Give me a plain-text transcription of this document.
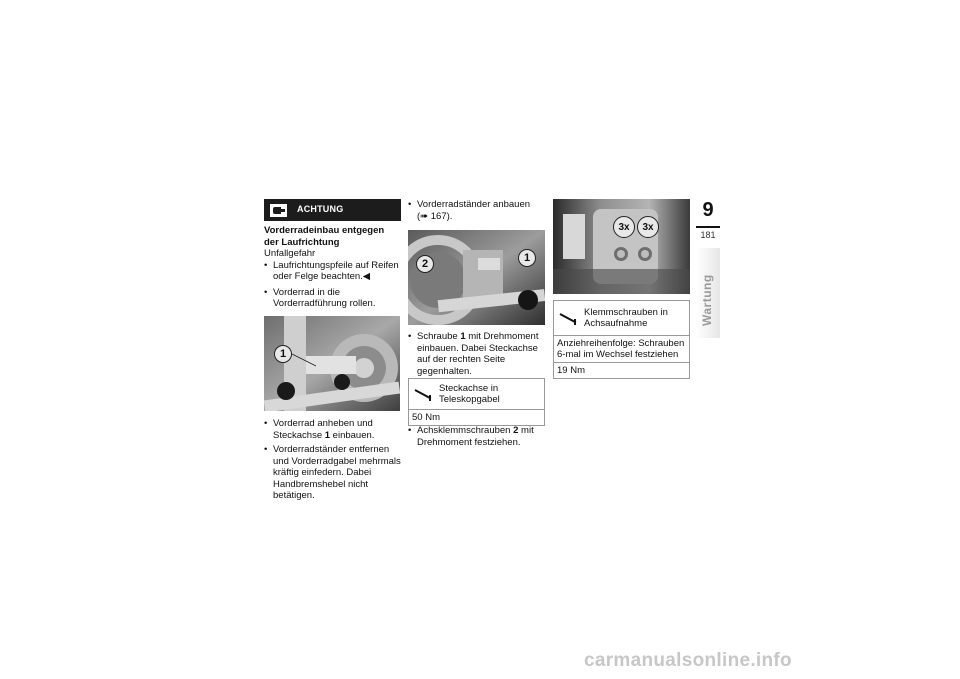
ACHTUNG
Vorderradeinbau entgegen der Laufrichtung
Unfallgefahr
• Laufrichtungspfeile auf Reifen oder Felge beachten.◀
• Vorderrad in die Vorderradführung rollen.
1
• Vorderrad anheben und Steckachse 1 einbauen.
• Vorderradständer entfernen und Vorderradgabel mehrmals kräftig einfedern. Dabei Handbremshebel nicht betätigen.
• Vorderradständer anbauen
(➠ 167).
2	1
• Schraube 1 mit Drehmoment einbauen. Dabei Steckachse auf der rechten Seite gegenhalten.
Steckachse in Teleskopgabel
50 Nm
• Achsklemmschrauben 2 mit Drehmoment festziehen.
3x	3x
Klemmschrauben in Achsaufnahme
Anziehreihenfolge: Schrauben 6-mal im Wechsel festziehen
19 Nm
9
181
Wartung
carmanualsonline.info
